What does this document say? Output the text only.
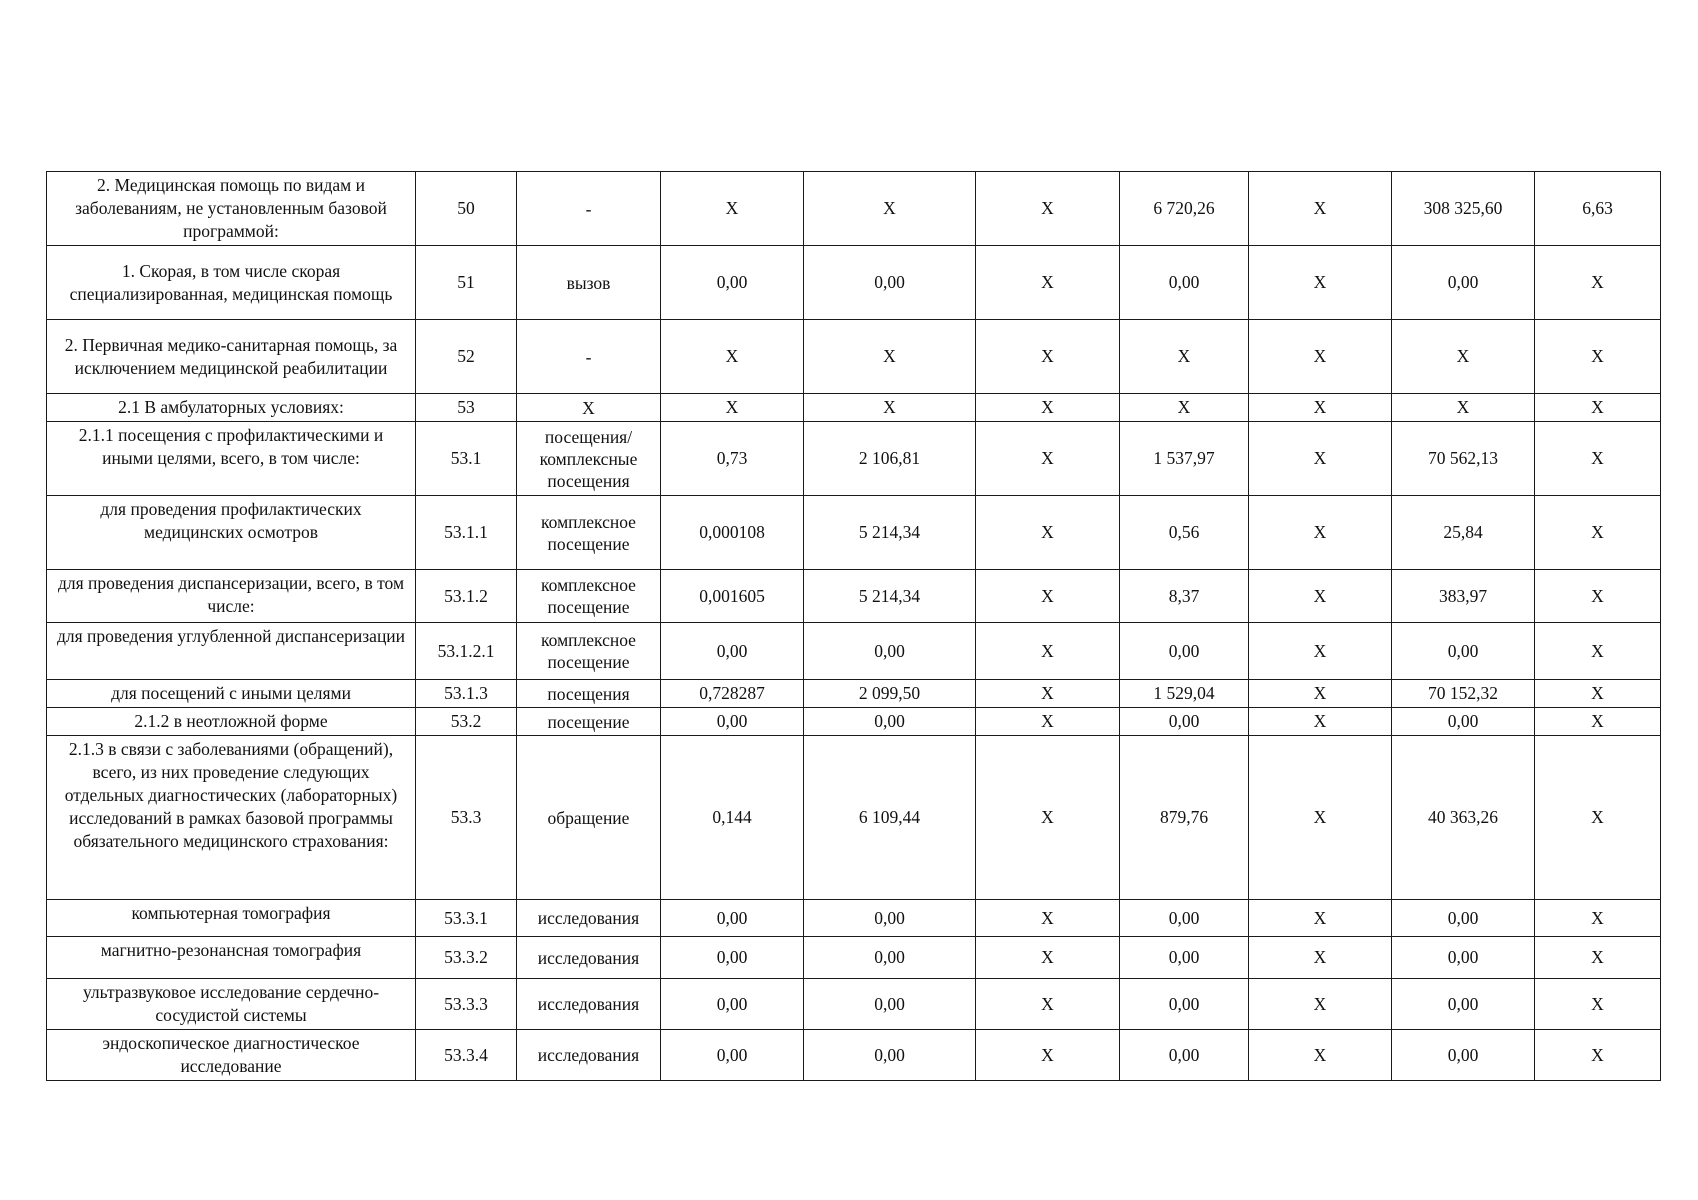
2. Медицинская помощь по видам и заболеваниям, не установленным базовой программой:	50	-	X	X	X	6 720,26	X	308 325,60	6,63
1. Скорая, в том числе скорая специализированная, медицинская помощь	51	вызов	0,00	0,00	X	0,00	X	0,00	X
2. Первичная медико-санитарная помощь, за исключением медицинской реабилитации	52	-	X	X	X	X	X	X	X
2.1 В амбулаторных условиях:	53	X	X	X	X	X	X	X	X
2.1.1 посещения с профилактическими и иными целями, всего, в том числе:	53.1	посещения/ комплексные посещения	0,73	2 106,81	X	1 537,97	X	70 562,13	X
для проведения профилактических медицинских осмотров	53.1.1	комплексное посещение	0,000108	5 214,34	X	0,56	X	25,84	X
для проведения диспансеризации, всего, в том числе:	53.1.2	комплексное посещение	0,001605	5 214,34	X	8,37	X	383,97	X
для проведения углубленной диспансеризации	53.1.2.1	комплексное посещение	0,00	0,00	X	0,00	X	0,00	X
для посещений с иными целями	53.1.3	посещения	0,728287	2 099,50	X	1 529,04	X	70 152,32	X
2.1.2 в неотложной форме	53.2	посещение	0,00	0,00	X	0,00	X	0,00	X
2.1.3 в связи с заболеваниями (обращений), всего, из них проведение следующих отдельных диагностических (лабораторных) исследований в рамках базовой программы обязательного медицинского страхования:	53.3	обращение	0,144	6 109,44	X	879,76	X	40 363,26	X
компьютерная томография	53.3.1	исследования	0,00	0,00	X	0,00	X	0,00	X
магнитно-резонансная томография	53.3.2	исследования	0,00	0,00	X	0,00	X	0,00	X
ультразвуковое исследование сердечно-сосудистой системы	53.3.3	исследования	0,00	0,00	X	0,00	X	0,00	X
эндоскопическое диагностическое исследование	53.3.4	исследования	0,00	0,00	X	0,00	X	0,00	X
